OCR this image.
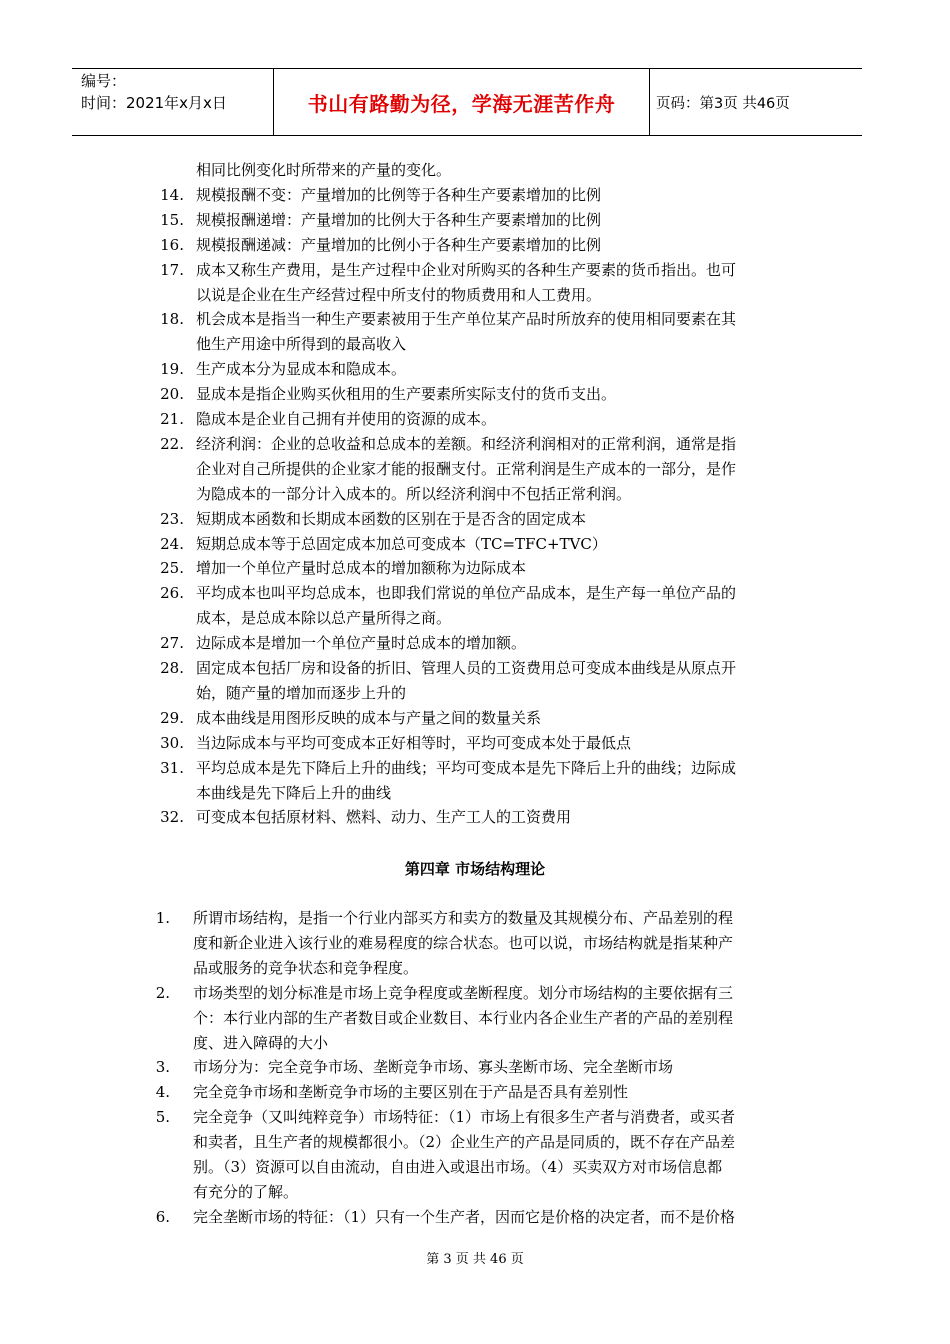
编号：
时间：2021年x月x日	书山有路勤为径，学海无涯苦作舟	页码：第3页 共46页
相同比例变化时所带来的产量的变化。
14. 规模报酬不变：产量增加的比例等于各种生产要素增加的比例
15. 规模报酬递增：产量增加的比例大于各种生产要素增加的比例
16. 规模报酬递减：产量增加的比例小于各种生产要素增加的比例
17. 成本又称生产费用，是生产过程中企业对所购买的各种生产要素的货币指出。也可
以说是企业在生产经营过程中所支付的物质费用和人工费用。
18. 机会成本是指当一种生产要素被用于生产单位某产品时所放弃的使用相同要素在其
他生产用途中所得到的最高收入
19. 生产成本分为显成本和隐成本。
20. 显成本是指企业购买伙租用的生产要素所实际支付的货币支出。
21. 隐成本是企业自己拥有并使用的资源的成本。
22. 经济利润：企业的总收益和总成本的差额。和经济利润相对的正常利润，通常是指
企业对自己所提供的企业家才能的报酬支付。正常利润是生产成本的一部分，是作
为隐成本的一部分计入成本的。所以经济利润中不包括正常利润。
23. 短期成本函数和长期成本函数的区别在于是否含的固定成本
24. 短期总成本等于总固定成本加总可变成本（TC=TFC+TVC）
25. 增加一个单位产量时总成本的增加额称为边际成本
26. 平均成本也叫平均总成本，也即我们常说的单位产品成本，是生产每一单位产品的
成本，是总成本除以总产量所得之商。
27. 边际成本是增加一个单位产量时总成本的增加额。
28. 固定成本包括厂房和设备的折旧、管理人员的工资费用总可变成本曲线是从原点开
始，随产量的增加而逐步上升的
29. 成本曲线是用图形反映的成本与产量之间的数量关系
30. 当边际成本与平均可变成本正好相等时，平均可变成本处于最低点
31. 平均总成本是先下降后上升的曲线；平均可变成本是先下降后上升的曲线；边际成
本曲线是先下降后上升的曲线
32. 可变成本包括原材料、燃料、动力、生产工人的工资费用
1. 所谓市场结构，是指一个行业内部买方和卖方的数量及其规模分布、产品差别的程
度和新企业进入该行业的难易程度的综合状态。也可以说，市场结构就是指某种产
品或服务的竞争状态和竞争程度。
2. 市场类型的划分标准是市场上竞争程度或垄断程度。划分市场结构的主要依据有三
个：本行业内部的生产者数目或企业数目、本行业内各企业生产者的产品的差别程
度、进入障碍的大小
3. 市场分为：完全竞争市场、垄断竞争市场、寡头垄断市场、完全垄断市场
4. 完全竞争市场和垄断竞争市场的主要区别在于产品是否具有差别性
5. 完全竞争（又叫纯粹竞争）市场特征：（1）市场上有很多生产者与消费者，或买者
和卖者，且生产者的规模都很小。（2）企业生产的产品是同质的，既不存在产品差
别。（3）资源可以自由流动，自由进入或退出市场。（4）买卖双方对市场信息都
有充分的了解。
6. 完全垄断市场的特征：（1）只有一个生产者，因而它是价格的决定者，而不是价格
第四章 市场结构理论
第 3 页 共 46 页
